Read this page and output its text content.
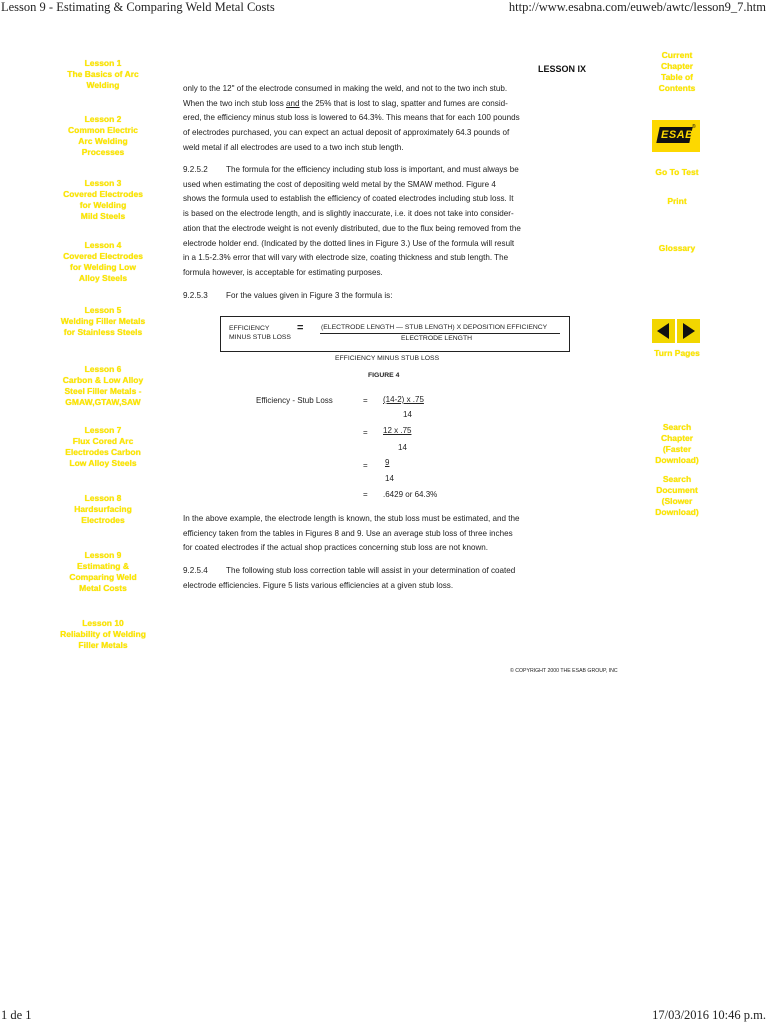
Lesson 9 - Estimating & Comparing Weld Metal Costs	http://www.esabna.com/euweb/awtc/lesson9_7.htm
1 de 1	17/03/2016 10:46 p.m.
Lesson 1
The Basics of Arc
Welding
Lesson 2
Common Electric
Arc Welding
Processes
Lesson 3
Covered Electrodes
for Welding
Mild Steels
Lesson 4
Covered Electrodes
for Welding Low
Alloy Steels
Lesson 5
Welding Filler Metals
for Stainless Steels
Lesson 6
Carbon & Low Alloy
Steel Filler Metals -
GMAW,GTAW,SAW
Lesson 7
Flux Cored Arc
Electrodes Carbon
Low Alloy Steels
Lesson 8
Hardsurfacing
Electrodes
Lesson 9
Estimating &
Comparing Weld
Metal Costs
Lesson 10
Reliability of Welding
Filler Metals
Current
Chapter
Table of
Contents
ESAB
®
Go To Test
Print
Glossary
Turn Pages
Search
Chapter
(Faster
Download)
Search
Document
(Slower
Download)
LESSON IX

only to the 12" of the electrode consumed in making the weld, and not to the two inch stub.

When the two inch stub loss and the 25% that is lost to slag, spatter and fumes are consid-

ered, the efficiency minus stub loss is lowered to 64.3%. This means that for each 100 pounds

of electrodes purchased, you can expect an actual deposit of approximately 64.3 pounds of

weld metal if all electrodes are used to a two inch stub length.

9.2.5.2 The formula for the efficiency including stub loss is important, and must always be

used when estimating the cost of depositing weld metal by the SMAW method. Figure 4

shows the formula used to establish the efficiency of coated electrodes including stub loss. It

is based on the electrode length, and is slightly inaccurate, i.e. it does not take into consider-

ation that the electrode weight is not evenly distributed, due to the flux being removed from the

electrode holder end. (Indicated by the dotted lines in Figure 3.) Use of the formula will result

in a 1.5-2.3% error that will vary with electrode size, coating thickness and stub length. The

formula however, is acceptable for estimating purposes.

9.2.5.3 For the values given in Figure 3 the formula is:

EFFICIENCY
MINUS STUB LOSS
=	(ELECTRODE LENGTH — STUB LENGTH) X DEPOSITION EFFICIENCY
ELECTRODE LENGTH
EFFICIENCY MINUS STUB LOSS
FIGURE 4
Efficiency - Stub Loss	= (14-2) x .75
14
= 12 x .75
14
= 9
14
= .6429 or 64.3%

In the above example, the electrode length is known, the stub loss must be estimated, and the

efficiency taken from the tables in Figures 8 and 9. Use an average stub loss of three inches

for coated electrodes if the actual shop practices concerning stub loss are not known.

9.2.5.4 The following stub loss correction table will assist in your determination of coated

electrode efficiencies. Figure 5 lists various efficiencies at a given stub loss.

© COPYRIGHT 2000 THE ESAB GROUP, INC
